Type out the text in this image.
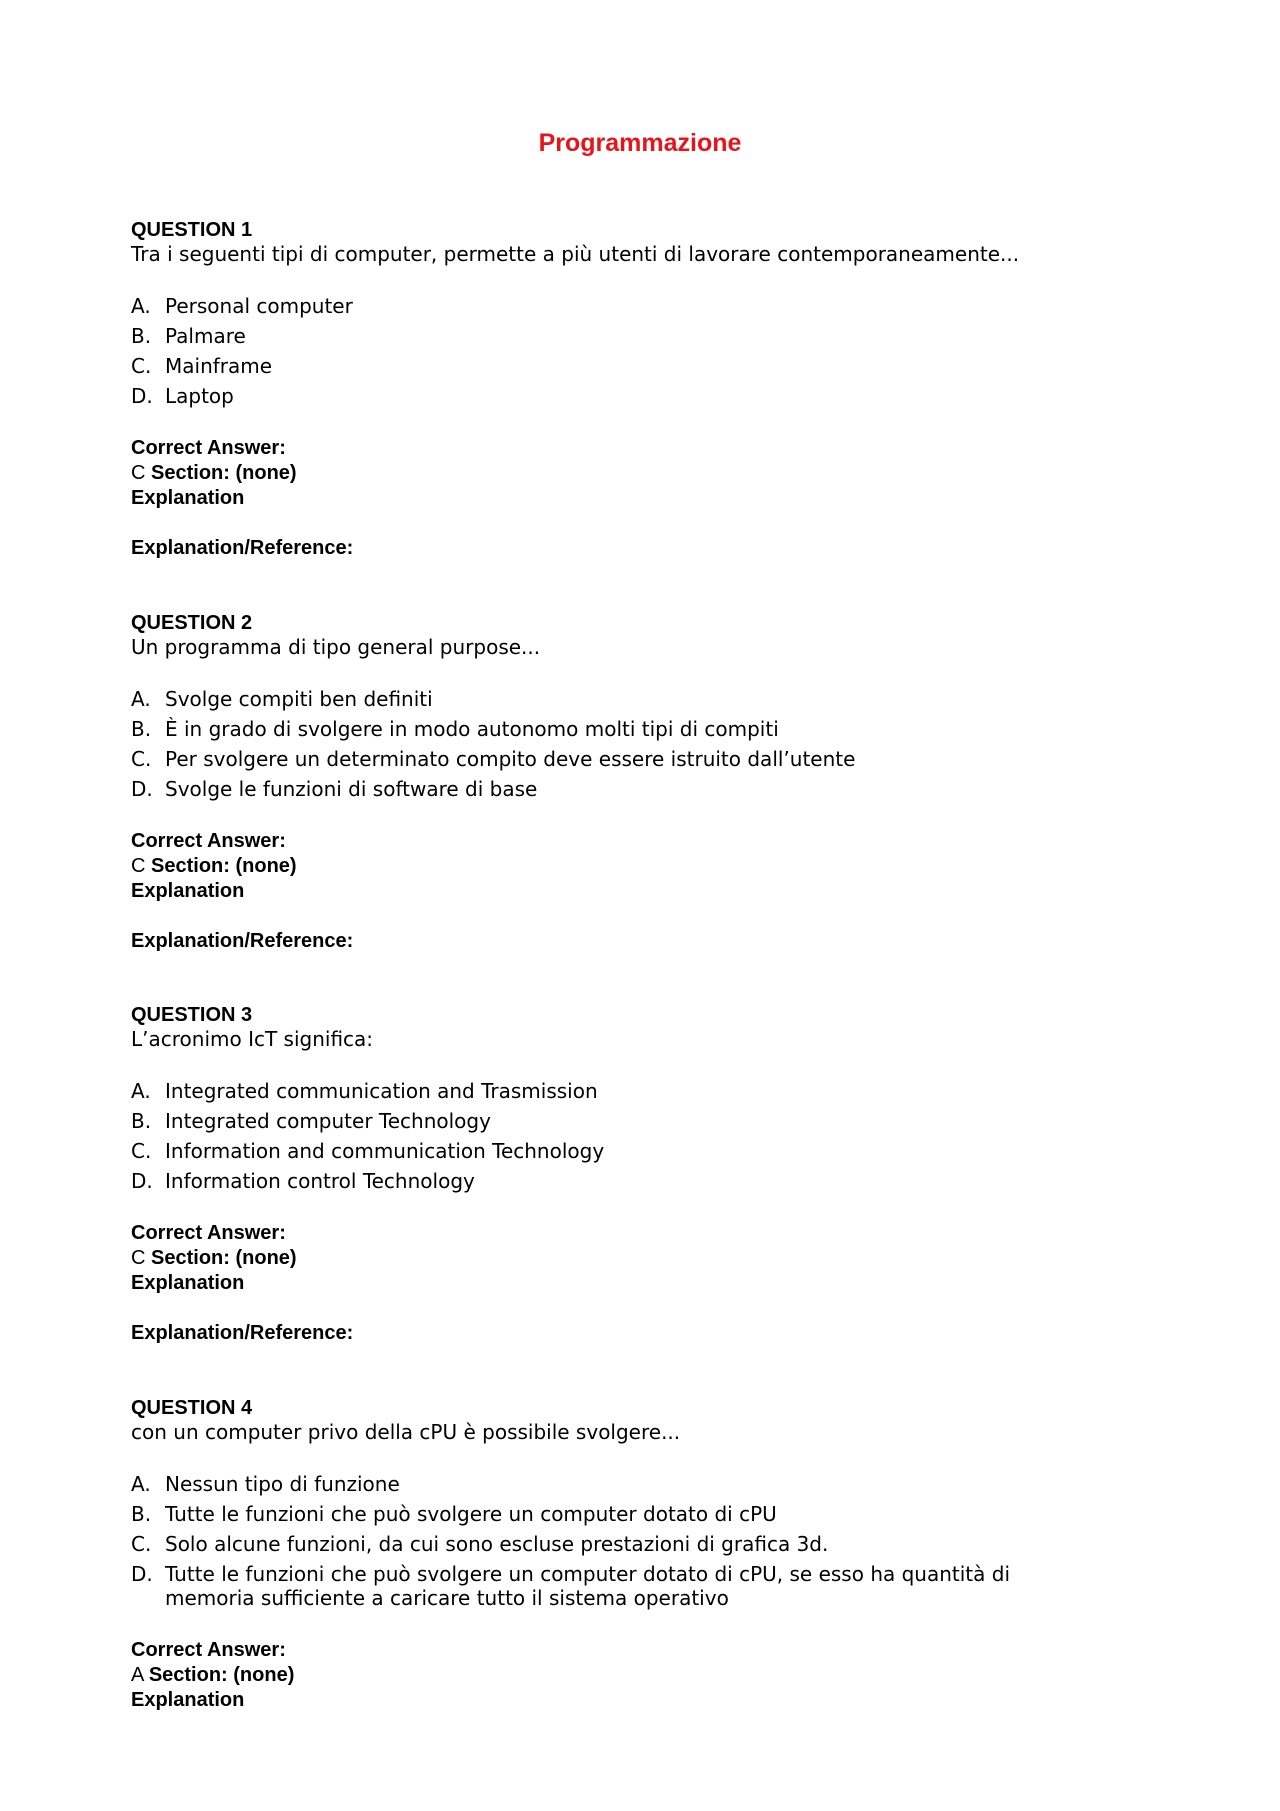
Programmazione
QUESTION 1
Tra i seguenti tipi di computer, permette a più utenti di lavorare contemporaneamente...
A. Personal computer
B. Palmare
C. Mainframe
D. Laptop
Correct Answer:
C Section: (none)
Explanation
Explanation/Reference:
QUESTION 2
Un programma di tipo general purpose...
A. Svolge compiti ben definiti
B. È in grado di svolgere in modo autonomo molti tipi di compiti
C. Per svolgere un determinato compito deve essere istruito dall’utente
D. Svolge le funzioni di software di base
Correct Answer:
C Section: (none)
Explanation
Explanation/Reference:
QUESTION 3
L’acronimo IcT significa:
A. Integrated communication and Trasmission
B. Integrated computer Technology
C. Information and communication Technology
D. Information control Technology
Correct Answer:
C Section: (none)
Explanation
Explanation/Reference:
QUESTION 4
con un computer privo della cPU è possibile svolgere...
A. Nessun tipo di funzione
B. Tutte le funzioni che può svolgere un computer dotato di cPU
C. Solo alcune funzioni, da cui sono escluse prestazioni di grafica 3d.
D. Tutte le funzioni che può svolgere un computer dotato di cPU, se esso ha quantità di memoria sufficiente a caricare tutto il sistema operativo
Correct Answer:
A Section: (none)
Explanation
